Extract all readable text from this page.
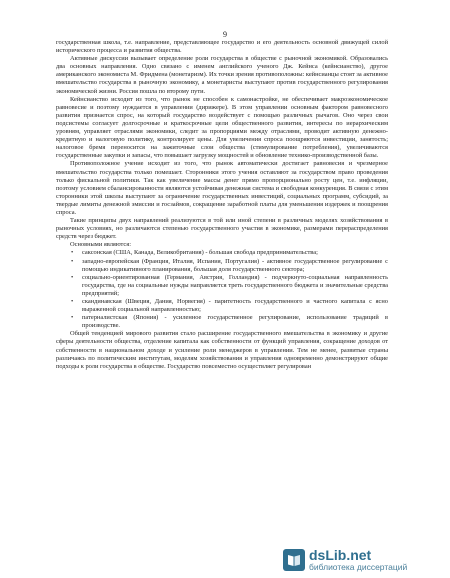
9

государственная школа, т.е. направление, представляющее государство и его деятельность основной движущей силой исторического процесса и развития общества.

Активные дискуссии вызывает определение роли государства в обществе с рыночной экономикой. Образовались два основных направления. Одно связано с именем английского ученого Дж. Кейнса (кейнсианство), другое американского экономиста М. Фридмена (монетаризм). Их точки зрения противоположны: кейнсианцы стоят за активное вмешательство государства в рыночную экономику, а монетаристы выступают против государственного регулирования экономической жизни. Россия пошла по второму пути.

Кейнсианство исходит из того, что рынок не способен к самонастройке, не обеспечивает макроэкономическое равновесие и поэтому нуждается в управлении (дирижере). В этом управлении основным фактором равновесного развития признается спрос, на который государство воздействует с помощью различных рычагов. Оно через свои подсистемы согласует долгосрочные и краткосрочные цели общественного развития, интересы по иерархическим уровням, управляет отраслями экономики, следит за пропорциями между отраслями, проводит активную денежно-кредитную и налоговую политику, контролирует цены. Для увеличения спроса поощряются инвестиции, занятость; налоговое бремя переносится на зажиточные слои общества (стимулирование потребления), увеличиваются государственные закупки и запасы, что повышает загрузку мощностей и обновление технико-производственной базы.

Противоположное учение исходит из того, что рынок автоматически достигает равновесия и чрезмерное вмешательство государства только помешает. Сторонники этого учения оставляют за государством право проведения только фискальной политики. Так как увеличение массы денег прямо пропорционально росту цен, т.е. инфляции, поэтому условием сбалансированности являются устойчивая денежная система и свободная конкуренция. В связи с этим сторонники этой школы выступают за ограничение государственных инвестиций, социальных программ, субсидий, за твердые лимиты денежной эмиссии и госзаймов, сокращение заработной платы для уменьшения издержек и поощрения спроса.

Такие принципы двух направлений реализуются в той или иной степени в различных моделях хозяйствования в рыночных условиях, но различаются степенью государственного участия в экономике, размерами перераспределения средств через бюджет.

Основными являются:

• саксонская (США, Канада, Великобритания) - большая свобода предпринимательства;
• западно-европейская (Франция, Италия, Испания, Португалия) - активное государственное регулирование с помощью индикативного планирования, большая доля государственного сектора;
• социально-ориентированная (Германия, Австрия, Голландия) - подчеркнуто-социальная направленность государства, где на социальные нужды направляется треть государственного бюджета и значительные средства предприятий;
• скандинавская (Швеция, Дания, Норвегия) - паритетность государственного и частного капитала с ясно выраженной социальной направленностью;
• патерналистская (Япония) - усиленное государственное регулирование, использование традиций в производстве.

Общей тенденцией мирового развития стало расширение государственного вмешательства в экономику и другие сферы деятельности общества, отделение капитала как собственности от функций управления, сокращение доходов от собственности в национальном доходе и усиление роли менеджеров в управлении. Тем не менее, развитые страны различаясь по политическим институтам, моделям хозяйствования и управления одновременно демонстрируют общие подходы к роли государства в обществе. Государство повсеместно осуществляет регулирован

dsLib.net
библиотека диссертаций
